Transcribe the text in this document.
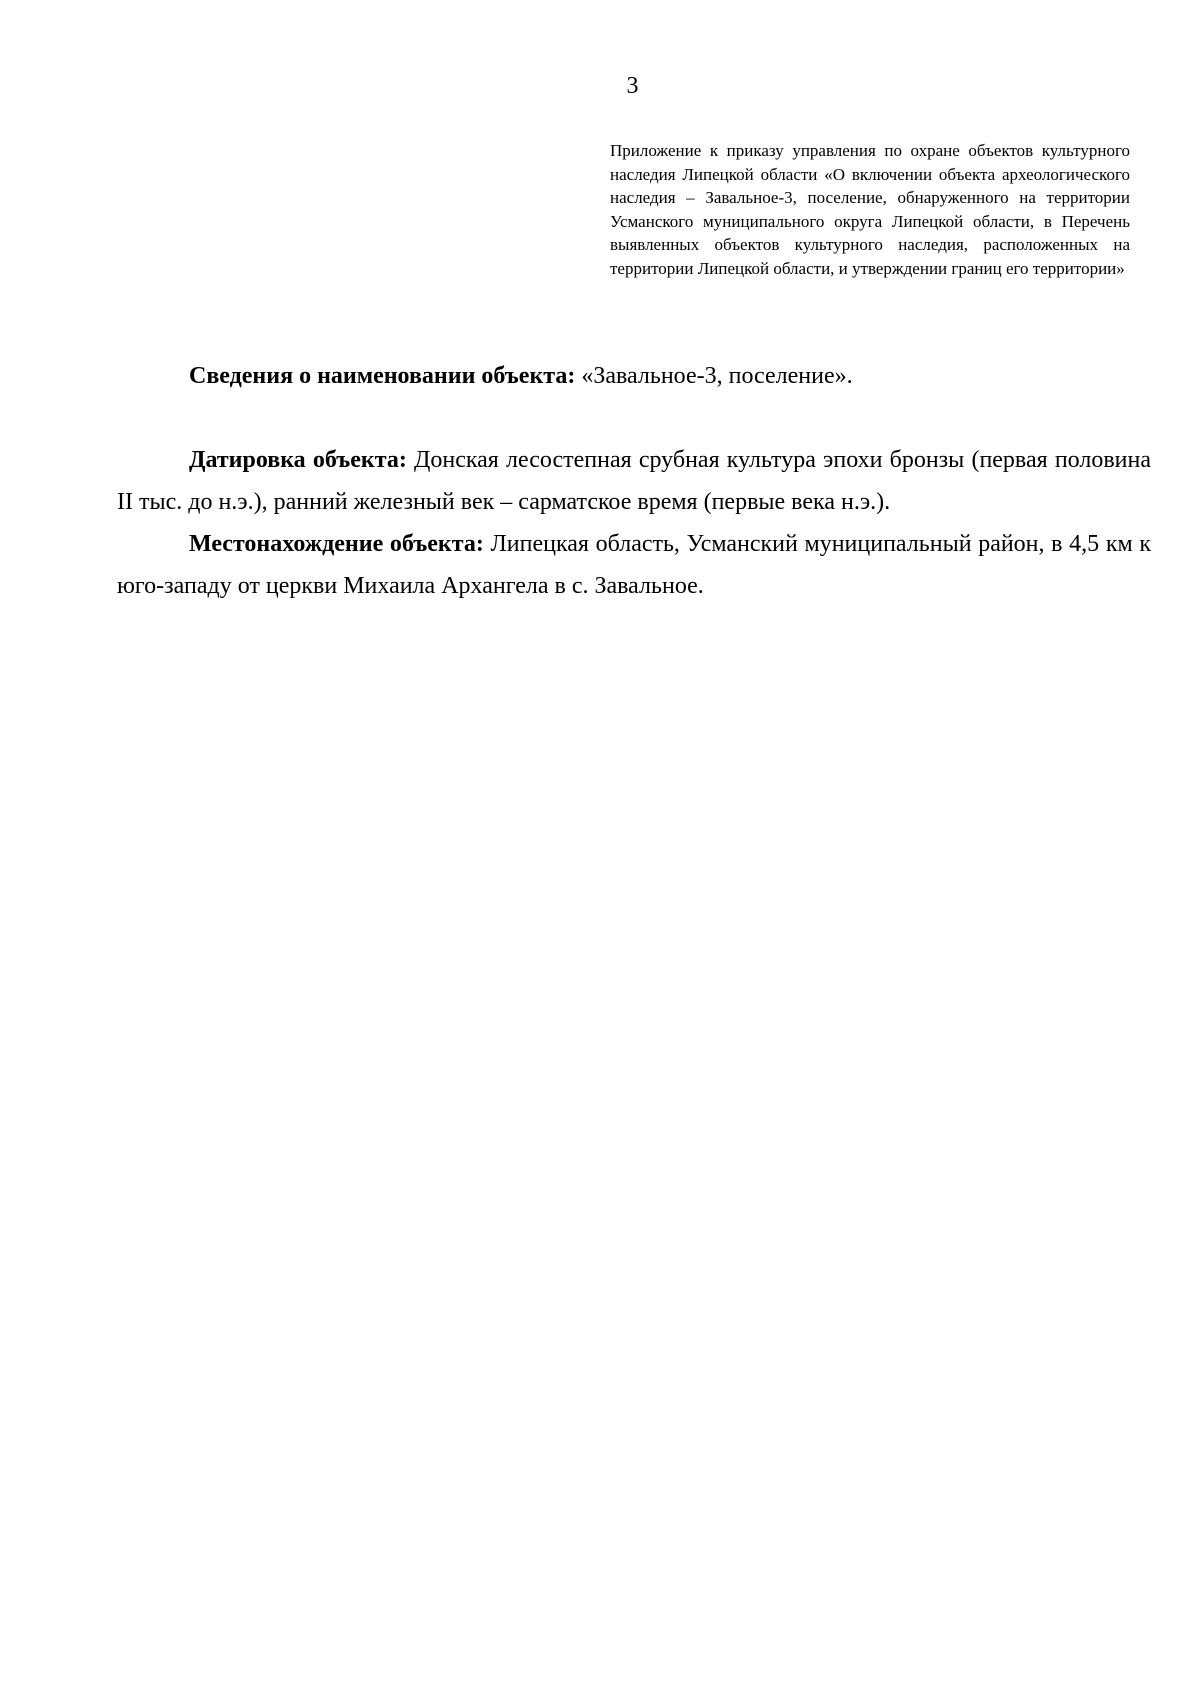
3
Приложение к приказу управления по охране объектов культурного наследия Липецкой области «О включении объекта археологического наследия – Завальное-3, поселение, обнаруженного на территории Усманского муниципального округа Липецкой области, в Перечень выявленных объектов культурного наследия, расположенных на территории Липецкой области, и утверждении границ его территории»

Сведения о наименовании объекта: «Завальное-3, поселение».

Датировка объекта: Донская лесостепная срубная культура эпохи бронзы (первая половина II тыс. до н.э.), ранний железный век – сарматское время (первые века н.э.).

Местонахождение объекта: Липецкая область, Усманский муниципальный район, в 4,5 км к юго-западу от церкви Михаила Архангела в с. Завальное.
